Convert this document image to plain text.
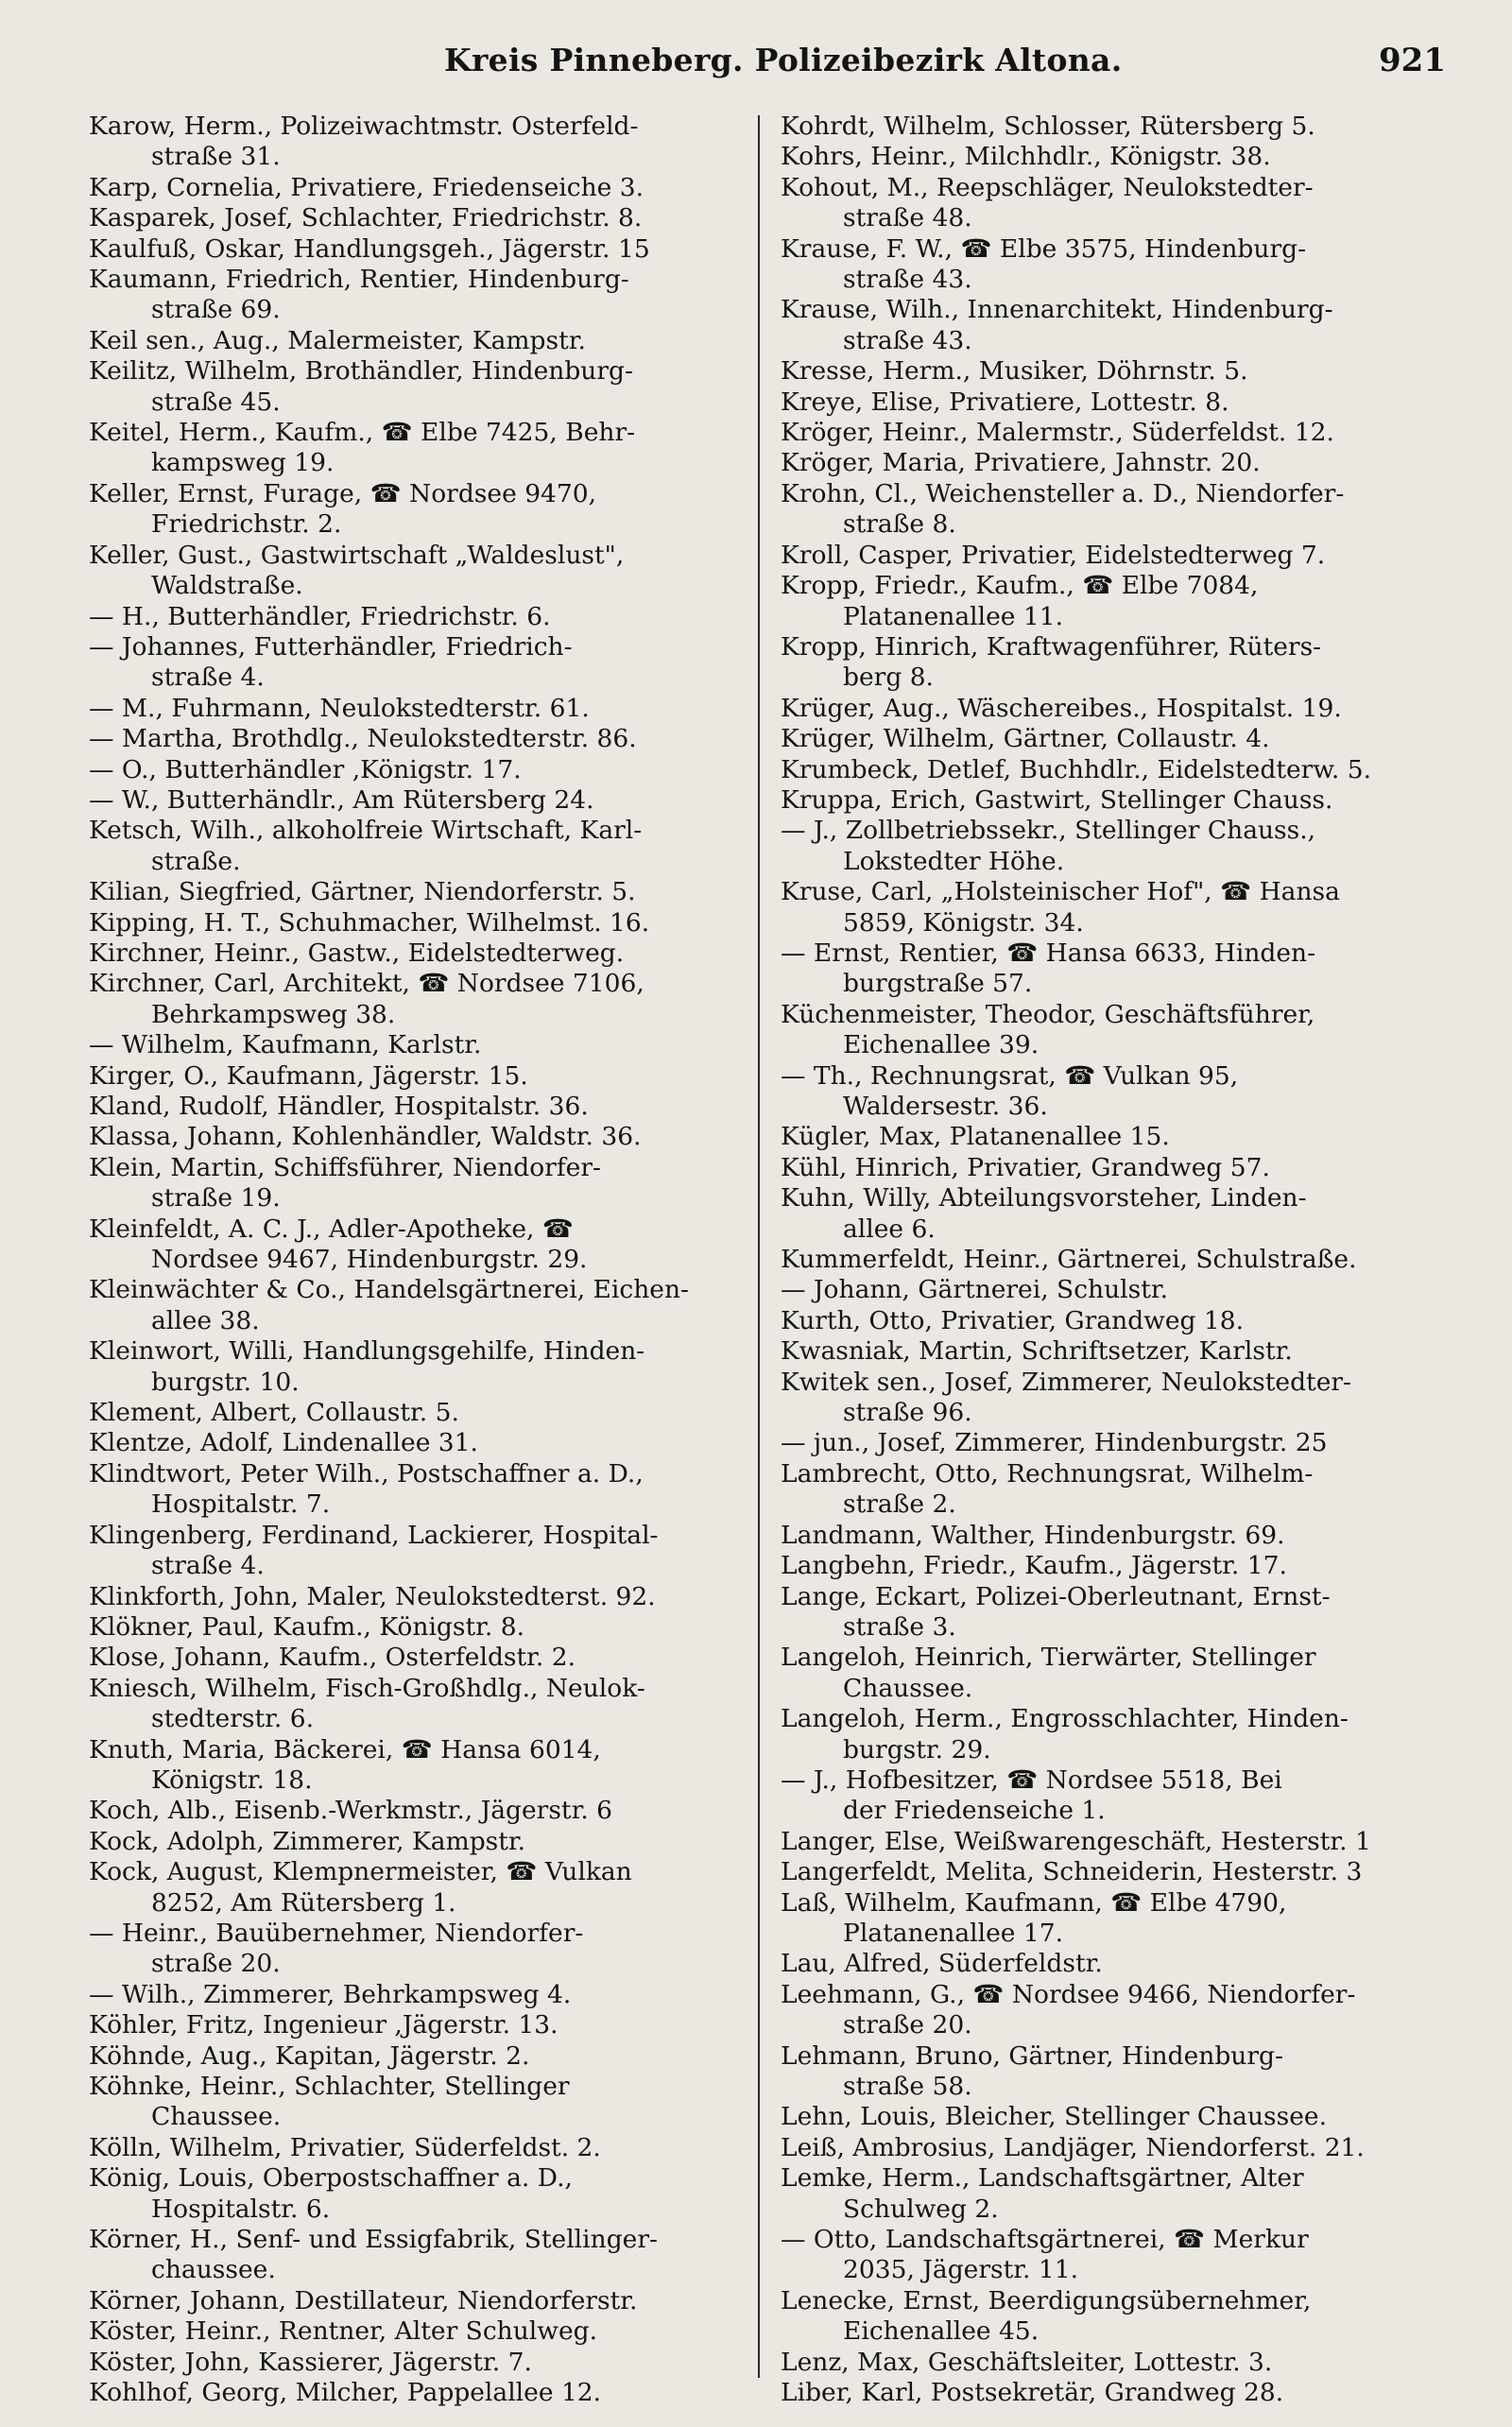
Kreis Pinneberg. Polizeibezirk Altona.	921
Karow, Herm., Polizeiwachtmstr. Osterfeld-
straße 31.
Karp, Cornelia, Privatiere, Friedenseiche 3.
Kasparek, Josef, Schlachter, Friedrichstr. 8.
Kaulfuß, Oskar, Handlungsgeh., Jägerstr. 15
Kaumann, Friedrich, Rentier, Hindenburg-
straße 69.
Keil sen., Aug., Malermeister, Kampstr.
Keilitz, Wilhelm, Brothändler, Hindenburg-
straße 45.
Keitel, Herm., Kaufm., ☎ Elbe 7425, Behr-
kampsweg 19.
Keller, Ernst, Furage, ☎ Nordsee 9470,
Friedrichstr. 2.
Keller, Gust., Gastwirtschaft „Waldeslust",
Waldstraße.
— H., Butterhändler, Friedrichstr. 6.
— Johannes, Futterhändler, Friedrich-
straße 4.
— M., Fuhrmann, Neulokstedterstr. 61.
— Martha, Brothdlg., Neulokstedterstr. 86.
— O., Butterhändler ,Königstr. 17.
— W., Butterhändlr., Am Rütersberg 24.
Ketsch, Wilh., alkoholfreie Wirtschaft, Karl-
straße.
Kilian, Siegfried, Gärtner, Niendorferstr. 5.
Kipping, H. T., Schuhmacher, Wilhelmst. 16.
Kirchner, Heinr., Gastw., Eidelstedterweg.
Kirchner, Carl, Architekt, ☎ Nordsee 7106,
Behrkampsweg 38.
— Wilhelm, Kaufmann, Karlstr.
Kirger, O., Kaufmann, Jägerstr. 15.
Kland, Rudolf, Händler, Hospitalstr. 36.
Klassa, Johann, Kohlenhändler, Waldstr. 36.
Klein, Martin, Schiffsführer, Niendorfer-
straße 19.
Kleinfeldt, A. C. J., Adler-Apotheke, ☎
Nordsee 9467, Hindenburgstr. 29.
Kleinwächter & Co., Handelsgärtnerei, Eichen-
allee 38.
Kleinwort, Willi, Handlungsgehilfe, Hinden-
burgstr. 10.
Klement, Albert, Collaustr. 5.
Klentze, Adolf, Lindenallee 31.
Klindtwort, Peter Wilh., Postschaffner a. D.,
Hospitalstr. 7.
Klingenberg, Ferdinand, Lackierer, Hospital-
straße 4.
Klinkforth, John, Maler, Neulokstedterst. 92.
Klökner, Paul, Kaufm., Königstr. 8.
Klose, Johann, Kaufm., Osterfeldstr. 2.
Kniesch, Wilhelm, Fisch-Großhdlg., Neulok-
stedterstr. 6.
Knuth, Maria, Bäckerei, ☎ Hansa 6014,
Königstr. 18.
Koch, Alb., Eisenb.-Werkmstr., Jägerstr. 6
Kock, Adolph, Zimmerer, Kampstr.
Kock, August, Klempnermeister, ☎ Vulkan
8252, Am Rütersberg 1.
— Heinr., Bauübernehmer, Niendorfer-
straße 20.
— Wilh., Zimmerer, Behrkampsweg 4.
Köhler, Fritz, Ingenieur ,Jägerstr. 13.
Köhnde, Aug., Kapitan, Jägerstr. 2.
Köhnke, Heinr., Schlachter, Stellinger
Chaussee.
Kölln, Wilhelm, Privatier, Süderfeldst. 2.
König, Louis, Oberpostschaffner a. D.,
Hospitalstr. 6.
Körner, H., Senf- und Essigfabrik, Stellinger-
chaussee.
Körner, Johann, Destillateur, Niendorferstr.
Köster, Heinr., Rentner, Alter Schulweg.
Köster, John, Kassierer, Jägerstr. 7.
Kohlhof, Georg, Milcher, Pappelallee 12.
Kohrdt, Wilhelm, Schlosser, Rütersberg 5.
Kohrs, Heinr., Milchhdlr., Königstr. 38.
Kohout, M., Reepschläger, Neulokstedter-
straße 48.
Krause, F. W., ☎ Elbe 3575, Hindenburg-
straße 43.
Krause, Wilh., Innenarchitekt, Hindenburg-
straße 43.
Kresse, Herm., Musiker, Döhrnstr. 5.
Kreye, Elise, Privatiere, Lottestr. 8.
Kröger, Heinr., Malermstr., Süderfeldst. 12.
Kröger, Maria, Privatiere, Jahnstr. 20.
Krohn, Cl., Weichensteller a. D., Niendorfer-
straße 8.
Kroll, Casper, Privatier, Eidelstedterweg 7.
Kropp, Friedr., Kaufm., ☎ Elbe 7084,
Platanenallee 11.
Kropp, Hinrich, Kraftwagenführer, Rüters-
berg 8.
Krüger, Aug., Wäschereibes., Hospitalst. 19.
Krüger, Wilhelm, Gärtner, Collaustr. 4.
Krumbeck, Detlef, Buchhdlr., Eidelstedterw. 5.
Kruppa, Erich, Gastwirt, Stellinger Chauss.
— J., Zollbetriebssekr., Stellinger Chauss.,
Lokstedter Höhe.
Kruse, Carl, „Holsteinischer Hof", ☎ Hansa
5859, Königstr. 34.
— Ernst, Rentier, ☎ Hansa 6633, Hinden-
burgstraße 57.
Küchenmeister, Theodor, Geschäftsführer,
Eichenallee 39.
— Th., Rechnungsrat, ☎ Vulkan 95,
Waldersestr. 36.
Kügler, Max, Platanenallee 15.
Kühl, Hinrich, Privatier, Grandweg 57.
Kuhn, Willy, Abteilungsvorsteher, Linden-
allee 6.
Kummerfeldt, Heinr., Gärtnerei, Schulstraße.
— Johann, Gärtnerei, Schulstr.
Kurth, Otto, Privatier, Grandweg 18.
Kwasniak, Martin, Schriftsetzer, Karlstr.
Kwitek sen., Josef, Zimmerer, Neulokstedter-
straße 96.
— jun., Josef, Zimmerer, Hindenburgstr. 25
Lambrecht, Otto, Rechnungsrat, Wilhelm-
straße 2.
Landmann, Walther, Hindenburgstr. 69.
Langbehn, Friedr., Kaufm., Jägerstr. 17.
Lange, Eckart, Polizei-Oberleutnant, Ernst-
straße 3.
Langeloh, Heinrich, Tierwärter, Stellinger
Chaussee.
Langeloh, Herm., Engrosschlachter, Hinden-
burgstr. 29.
— J., Hofbesitzer, ☎ Nordsee 5518, Bei
der Friedenseiche 1.
Langer, Else, Weißwarengeschäft, Hesterstr. 1
Langerfeldt, Melita, Schneiderin, Hesterstr. 3
Laß, Wilhelm, Kaufmann, ☎ Elbe 4790,
Platanenallee 17.
Lau, Alfred, Süderfeldstr.
Leehmann, G., ☎ Nordsee 9466, Niendorfer-
straße 20.
Lehmann, Bruno, Gärtner, Hindenburg-
straße 58.
Lehn, Louis, Bleicher, Stellinger Chaussee.
Leiß, Ambrosius, Landjäger, Niendorferst. 21.
Lemke, Herm., Landschaftsgärtner, Alter
Schulweg 2.
— Otto, Landschaftsgärtnerei, ☎ Merkur
2035, Jägerstr. 11.
Lenecke, Ernst, Beerdigungsübernehmer,
Eichenallee 45.
Lenz, Max, Geschäftsleiter, Lottestr. 3.
Liber, Karl, Postsekretär, Grandweg 28.
